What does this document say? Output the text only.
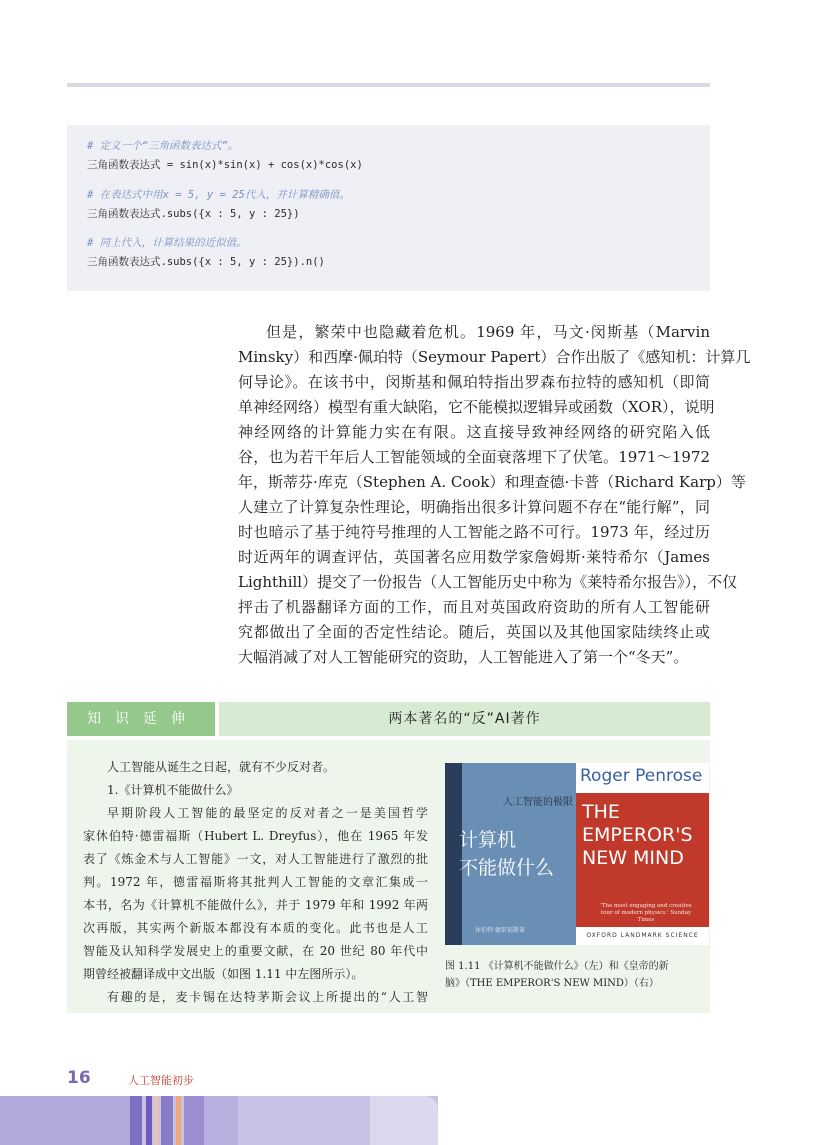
# 定义一个“三角函数表达式”。
三角函数表达式 = sin(x)*sin(x) + cos(x)*cos(x)
# 在表达式中用x = 5, y = 25代入，并计算精确值。
三角函数表达式.subs({x : 5, y : 25})
# 同上代入，计算结果的近似值。
三角函数表达式.subs({x : 5, y : 25}).n()
但是，繁荣中也隐藏着危机。1969 年，马文·闵斯基（Marvin
Minsky）和西摩·佩珀特（Seymour Papert）合作出版了《感知机：计算几
何导论》。在该书中，闵斯基和佩珀特指出罗森布拉特的感知机（即简
单神经网络）模型有重大缺陷，它不能模拟逻辑异或函数（XOR），说明
神经网络的计算能力实在有限。这直接导致神经网络的研究陷入低
谷，也为若干年后人工智能领域的全面衰落埋下了伏笔。1971～1972
年，斯蒂芬·库克（Stephen A. Cook）和理查德·卡普（Richard Karp）等
人建立了计算复杂性理论，明确指出很多计算问题不存在“能行解”，同
时也暗示了基于纯符号推理的人工智能之路不可行。1973 年，经过历
时近两年的调查评估，英国著名应用数学家詹姆斯·莱特希尔（James
Lighthill）提交了一份报告（人工智能历史中称为《莱特希尔报告》），不仅
抨击了机器翻译方面的工作，而且对英国政府资助的所有人工智能研
究都做出了全面的否定性结论。随后，英国以及其他国家陆续终止或
大幅消减了对人工智能研究的资助，人工智能进入了第一个“冬天”。
知识延伸	两本著名的“反”AI著作
人工智能从诞生之日起，就有不少反对者。
1.《计算机不能做什么》
早期阶段人工智能的最坚定的反对者之一是美国哲学
家休伯特·德雷福斯（Hubert L. Dreyfus），他在 1965 年发
表了《炼金术与人工智能》一文，对人工智能进行了激烈的批
判。1972 年，德雷福斯将其批判人工智能的文章汇集成一
本书，名为《计算机不能做什么》，并于 1979 年和 1992 年两
次再版，其实两个新版本都没有本质的变化。此书也是人工
智能及认知科学发展史上的重要文献，在 20 世纪 80 年代中
期曾经被翻译成中文出版（如图 1.11 中左图所示）。
有趣的是，麦卡锡在达特茅斯会议上所提出的“人工智
人工智能的极限
计算机
不能做什么
休伯特·德雷福斯著
Roger Penrose
THE
EMPEROR'S
NEW MIND
'The most engaging and creative tour of modern physics.' Sunday Times
OXFORD LANDMARK SCIENCE
图 1.11 《计算机不能做什么》（左）和《皇帝的新
脑》（THE EMPEROR'S NEW MIND）（右）
16	人工智能初步
